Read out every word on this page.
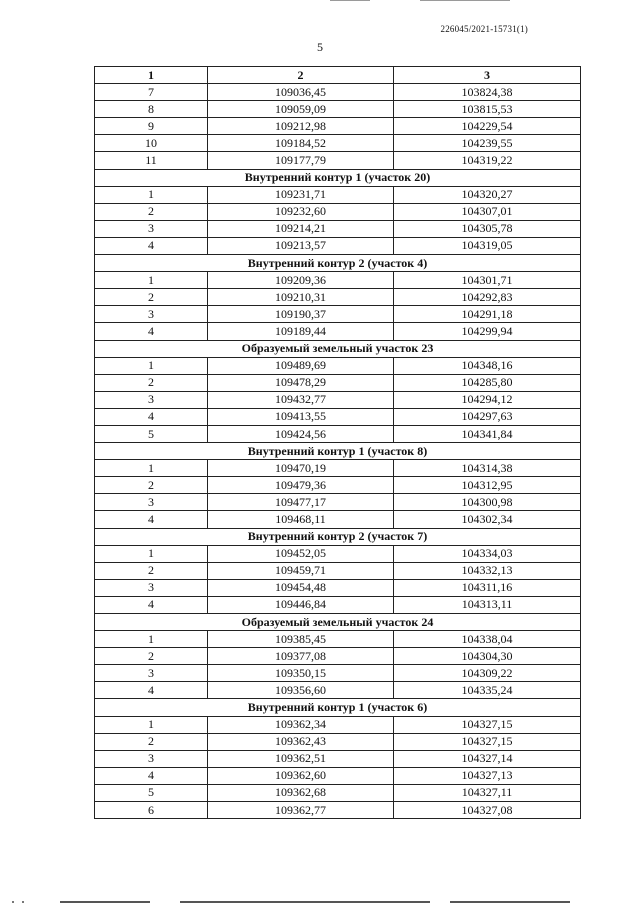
226045/2021-15731(1)
5
1	2	3
7	109036,45	103824,38
8	109059,09	103815,53
9	109212,98	104229,54
10	109184,52	104239,55
11	109177,79	104319,22
Внутренний контур 1 (участок 20)		
1	109231,71	104320,27
2	109232,60	104307,01
3	109214,21	104305,78
4	109213,57	104319,05
Внутренний контур 2 (участок 4)		
1	109209,36	104301,71
2	109210,31	104292,83
3	109190,37	104291,18
4	109189,44	104299,94
Образуемый земельный участок 23		
1	109489,69	104348,16
2	109478,29	104285,80
3	109432,77	104294,12
4	109413,55	104297,63
5	109424,56	104341,84
Внутренний контур 1 (участок 8)		
1	109470,19	104314,38
2	109479,36	104312,95
3	109477,17	104300,98
4	109468,11	104302,34
Внутренний контур 2 (участок 7)		
1	109452,05	104334,03
2	109459,71	104332,13
3	109454,48	104311,16
4	109446,84	104313,11
Образуемый земельный участок 24		
1	109385,45	104338,04
2	109377,08	104304,30
3	109350,15	104309,22
4	109356,60	104335,24
Внутренний контур 1 (участок 6)		
1	109362,34	104327,15
2	109362,43	104327,15
3	109362,51	104327,14
4	109362,60	104327,13
5	109362,68	104327,11
6	109362,77	104327,08
